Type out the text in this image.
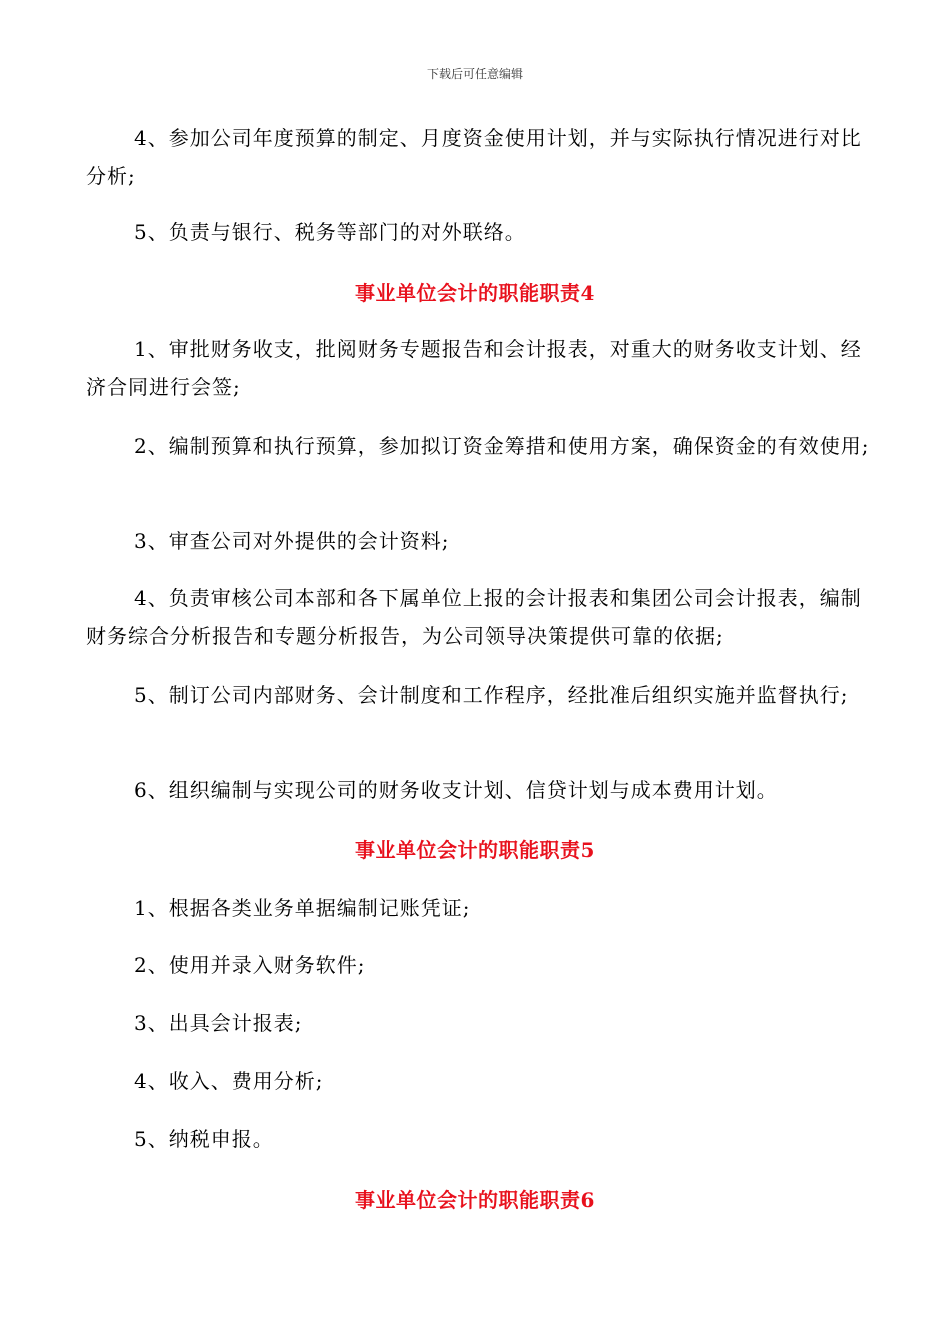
下载后可任意编辑
4、参加公司年度预算的制定、月度资金使用计划，并与实际执行情况进行对比分析;
5、负责与银行、税务等部门的对外联络。
事业单位会计的职能职责4
1、审批财务收支，批阅财务专题报告和会计报表，对重大的财务收支计划、经济合同进行会签;
2、编制预算和执行预算，参加拟订资金筹措和使用方案，确保资金的有效使用;
3、审查公司对外提供的会计资料;
4、负责审核公司本部和各下属单位上报的会计报表和集团公司会计报表，编制财务综合分析报告和专题分析报告，为公司领导决策提供可靠的依据;
5、制订公司内部财务、会计制度和工作程序，经批准后组织实施并监督执行;
6、组织编制与实现公司的财务收支计划、信贷计划与成本费用计划。
事业单位会计的职能职责5
1、根据各类业务单据编制记账凭证;
2、使用并录入财务软件;
3、出具会计报表;
4、收入、费用分析;
5、纳税申报。
事业单位会计的职能职责6
